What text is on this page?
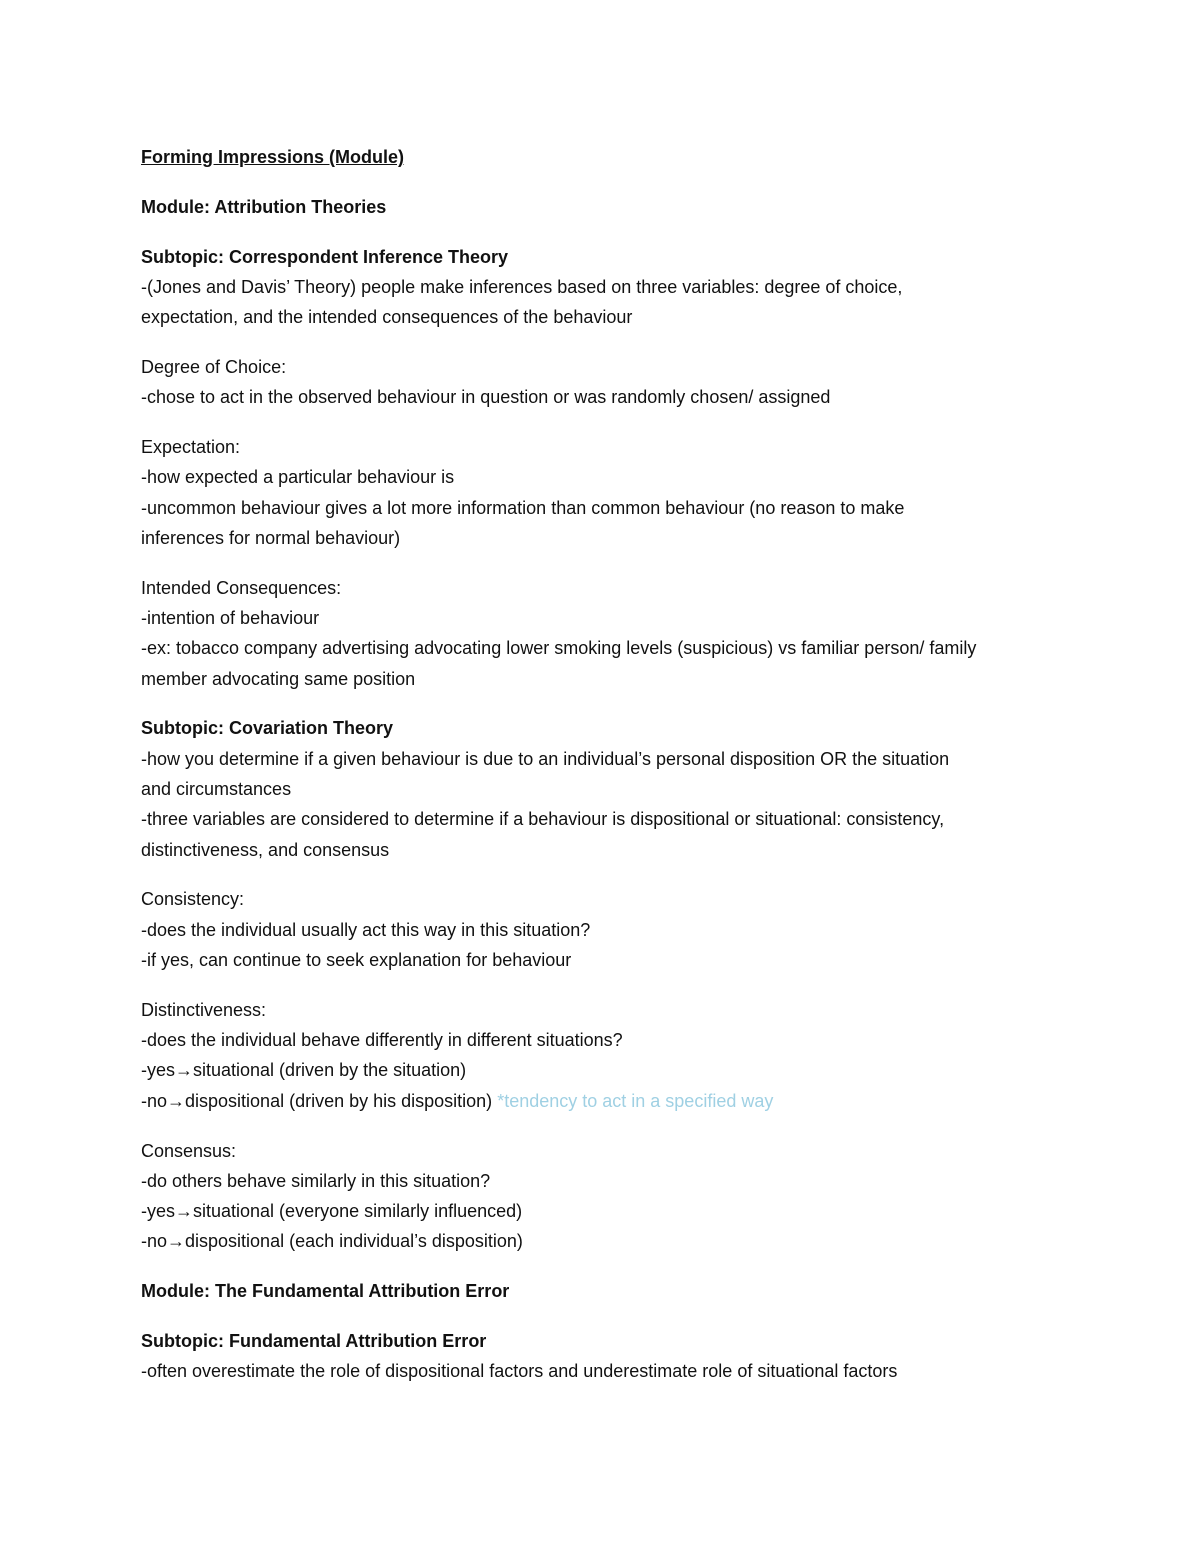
Forming Impressions (Module)
Module: Attribution Theories
Subtopic: Correspondent Inference Theory
-(Jones and Davis’ Theory) people make inferences based on three variables: degree of choice,
expectation, and the intended consequences of the behaviour
Degree of Choice:
-chose to act in the observed behaviour in question or was randomly chosen/ assigned
Expectation:
-how expected a particular behaviour is
-uncommon behaviour gives a lot more information than common behaviour (no reason to make
inferences for normal behaviour)
Intended Consequences:
-intention of behaviour
-ex: tobacco company advertising advocating lower smoking levels (suspicious) vs familiar person/ family
member advocating same position
Subtopic: Covariation Theory
-how you determine if a given behaviour is due to an individual’s personal disposition OR the situation
and circumstances
-three variables are considered to determine if a behaviour is dispositional or situational: consistency,
distinctiveness, and consensus
Consistency:
-does the individual usually act this way in this situation?
-if yes, can continue to seek explanation for behaviour
Distinctiveness:
-does the individual behave differently in different situations?
-yes→situational (driven by the situation)
-no→dispositional (driven by his disposition) *tendency to act in a specified way
Consensus:
-do others behave similarly in this situation?
-yes→situational (everyone similarly influenced)
-no→dispositional (each individual’s disposition)
Module: The Fundamental Attribution Error
Subtopic: Fundamental Attribution Error
-often overestimate the role of dispositional factors and underestimate role of situational factors
